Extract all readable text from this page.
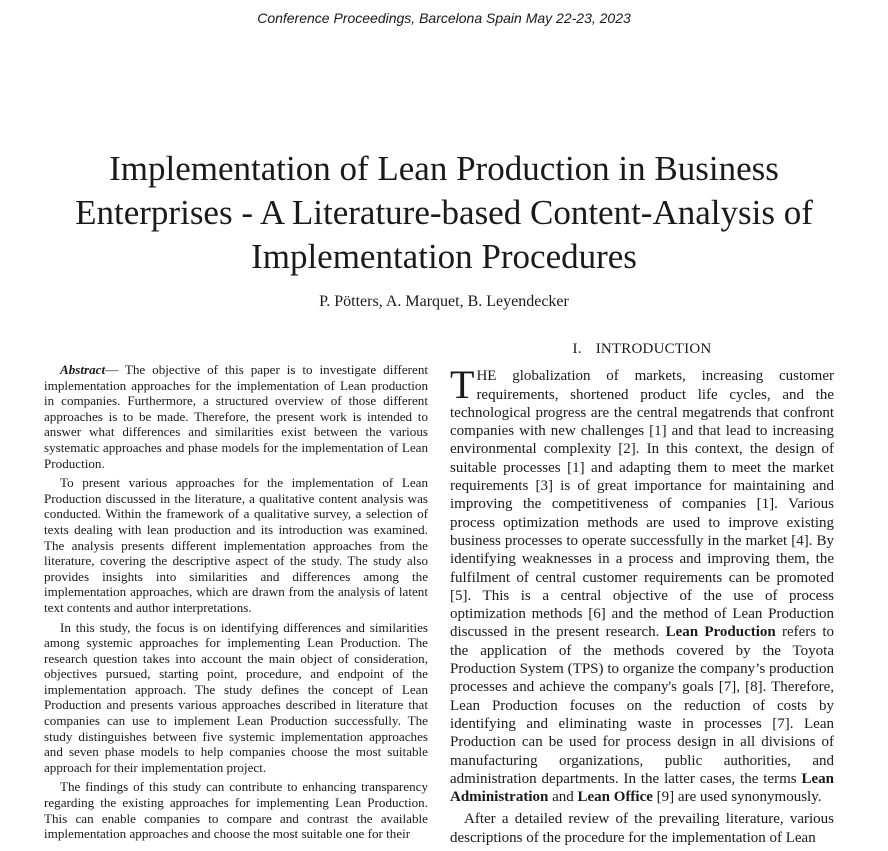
Conference Proceedings, Barcelona Spain May 22-23, 2023
Implementation of Lean Production in Business
Enterprises - A Literature-based Content-Analysis of
Implementation Procedures
P. Pötters, A. Marquet, B. Leyendecker

Abstract— The objective of this paper is to investigate different implementation approaches for the implementation of Lean production in companies. Furthermore, a structured overview of those different approaches is to be made. Therefore, the present work is intended to answer what differences and similarities exist between the various systematic approaches and phase models for the implementation of Lean Production.

To present various approaches for the implementation of Lean Production discussed in the literature, a qualitative content analysis was conducted. Within the framework of a qualitative survey, a selection of texts dealing with lean production and its introduction was examined. The analysis presents different implementation approaches from the literature, covering the descriptive aspect of the study. The study also provides insights into similarities and differences among the implementation approaches, which are drawn from the analysis of latent text contents and author interpretations.

In this study, the focus is on identifying differences and similarities among systemic approaches for implementing Lean Production. The research question takes into account the main object of consideration, objectives pursued, starting point, procedure, and endpoint of the implementation approach. The study defines the concept of Lean Production and presents various approaches described in literature that companies can use to implement Lean Production successfully. The study distinguishes between five systemic implementation approaches and seven phase models to help companies choose the most suitable approach for their implementation project.

The findings of this study can contribute to enhancing transparency regarding the existing approaches for implementing Lean Production. This can enable companies to compare and contrast the available implementation approaches and choose the most suitable one for their

I. INTRODUCTION

THE globalization of markets, increasing customer requirements, shortened product life cycles, and the technological progress are the central megatrends that confront companies with new challenges [1] and that lead to increasing environmental complexity [2]. In this context, the design of suitable processes [1] and adapting them to meet the market requirements [3] is of great importance for maintaining and improving the competitiveness of companies [1]. Various process optimization methods are used to improve existing business processes to operate successfully in the market [4]. By identifying weaknesses in a process and improving them, the fulfilment of central customer requirements can be promoted [5]. This is a central objective of the use of process optimization methods [6] and the method of Lean Production discussed in the present research. Lean Production refers to the application of the methods covered by the Toyota Production System (TPS) to organize the company’s production processes and achieve the company's goals [7], [8]. Therefore, Lean Production focuses on the reduction of costs by identifying and eliminating waste in processes [7]. Lean Production can be used for process design in all divisions of manufacturing organizations, public authorities, and administration departments. In the latter cases, the terms Lean Administration and Lean Office [9] are used synonymously.

After a detailed review of the prevailing literature, various descriptions of the procedure for the implementation of Lean
